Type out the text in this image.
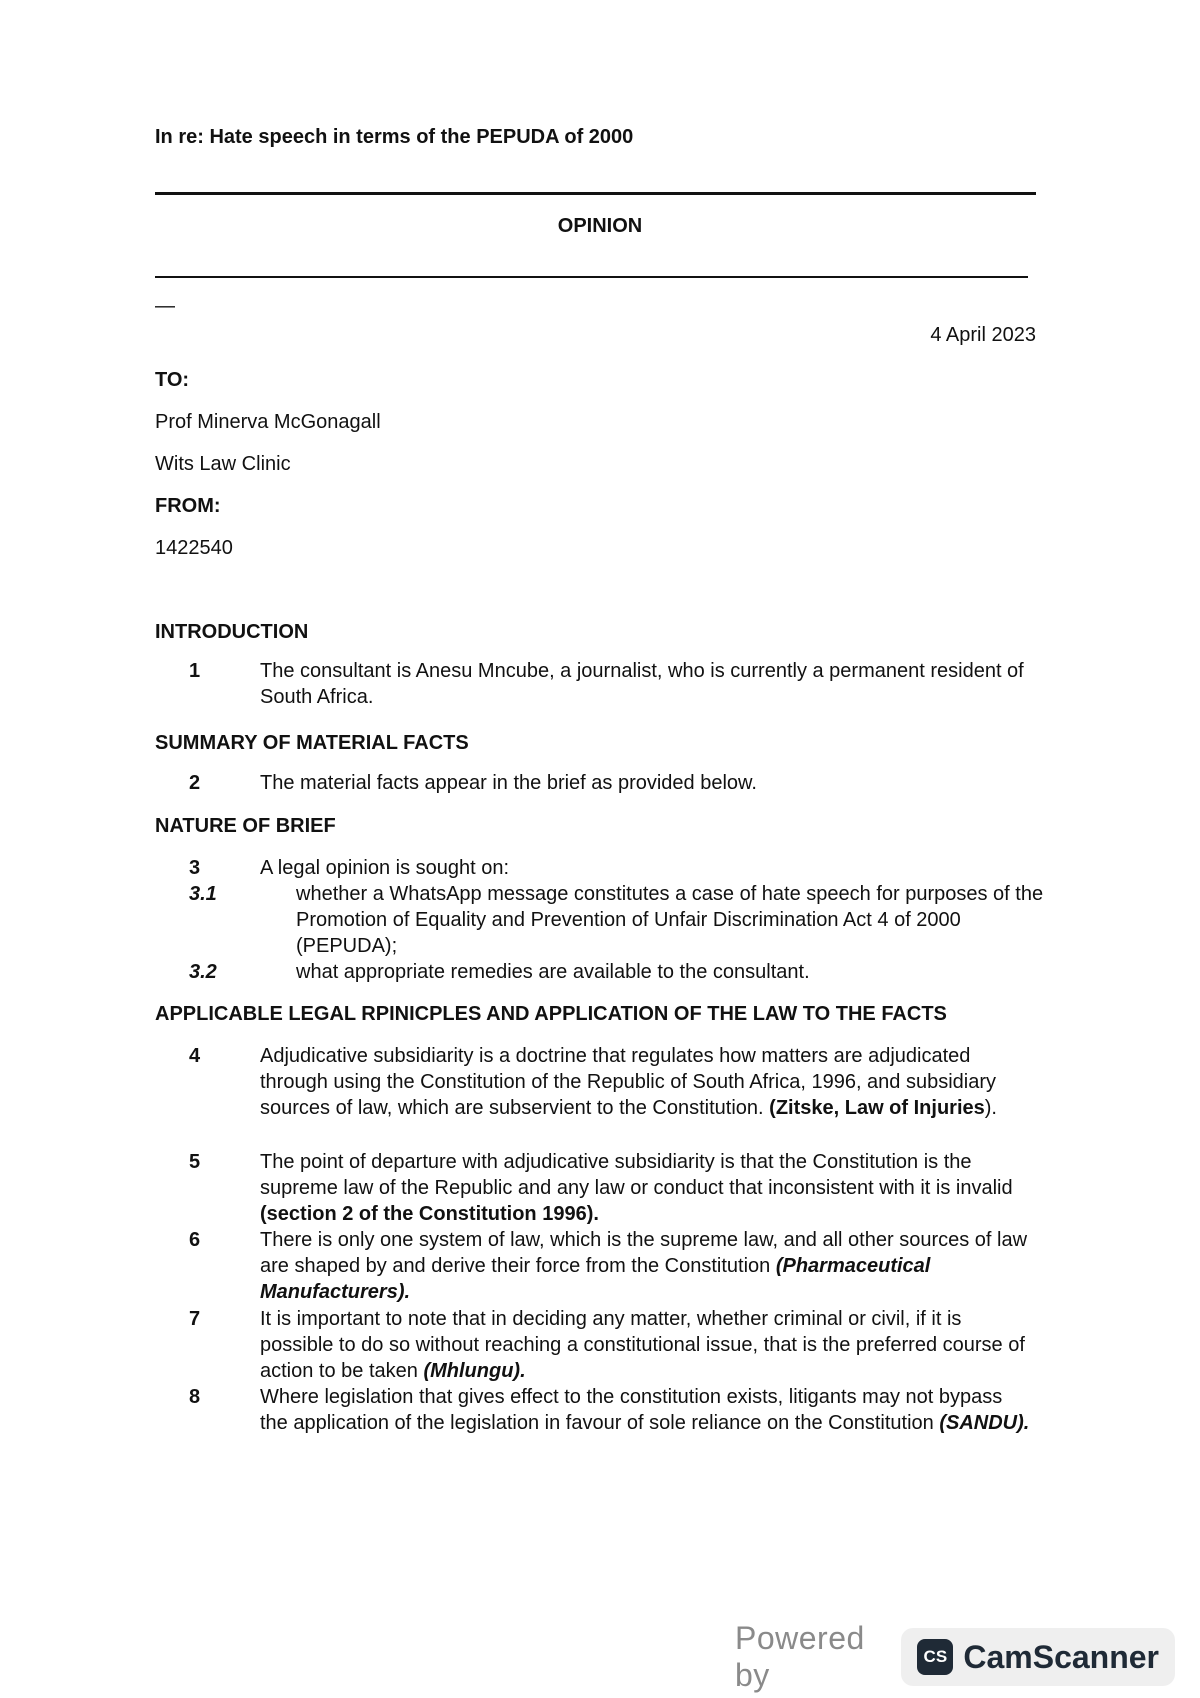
In re: Hate speech in terms of the PEPUDA of 2000
OPINION
—
4 April 2023
TO:
Prof Minerva McGonagall
Wits Law Clinic
FROM:
1422540
INTRODUCTION
1	The consultant is Anesu Mncube, a journalist, who is currently a permanent resident of South Africa.
SUMMARY OF MATERIAL FACTS
2	The material facts appear in the brief as provided below.
NATURE OF BRIEF
3	A legal opinion is sought on:
3.1	whether a WhatsApp message constitutes a case of hate speech for purposes of the Promotion of Equality and Prevention of Unfair Discrimination Act 4 of 2000 (PEPUDA);
3.2	what appropriate remedies are available to the consultant.
APPLICABLE LEGAL RPINICPLES AND APPLICATION OF THE LAW TO THE FACTS
4	Adjudicative subsidiarity is a doctrine that regulates how matters are adjudicated through using the Constitution of the Republic of South Africa, 1996, and subsidiary sources of law, which are subservient to the Constitution. (Zitske, Law of Injuries).
5	The point of departure with adjudicative subsidiarity is that the Constitution is the supreme law of the Republic and any law or conduct that inconsistent with it is invalid (section 2 of the Constitution 1996).
6	There is only one system of law, which is the supreme law, and all other sources of law are shaped by and derive their force from the Constitution (Pharmaceutical Manufacturers).
7	It is important to note that in deciding any matter, whether criminal or civil, if it is possible to do so without reaching a constitutional issue, that is the preferred course of action to be taken (Mhlungu).
8	Where legislation that gives effect to the constitution exists, litigants may not bypass the application of the legislation in favour of sole reliance on the Constitution (SANDU).
Powered by
CS CamScanner
